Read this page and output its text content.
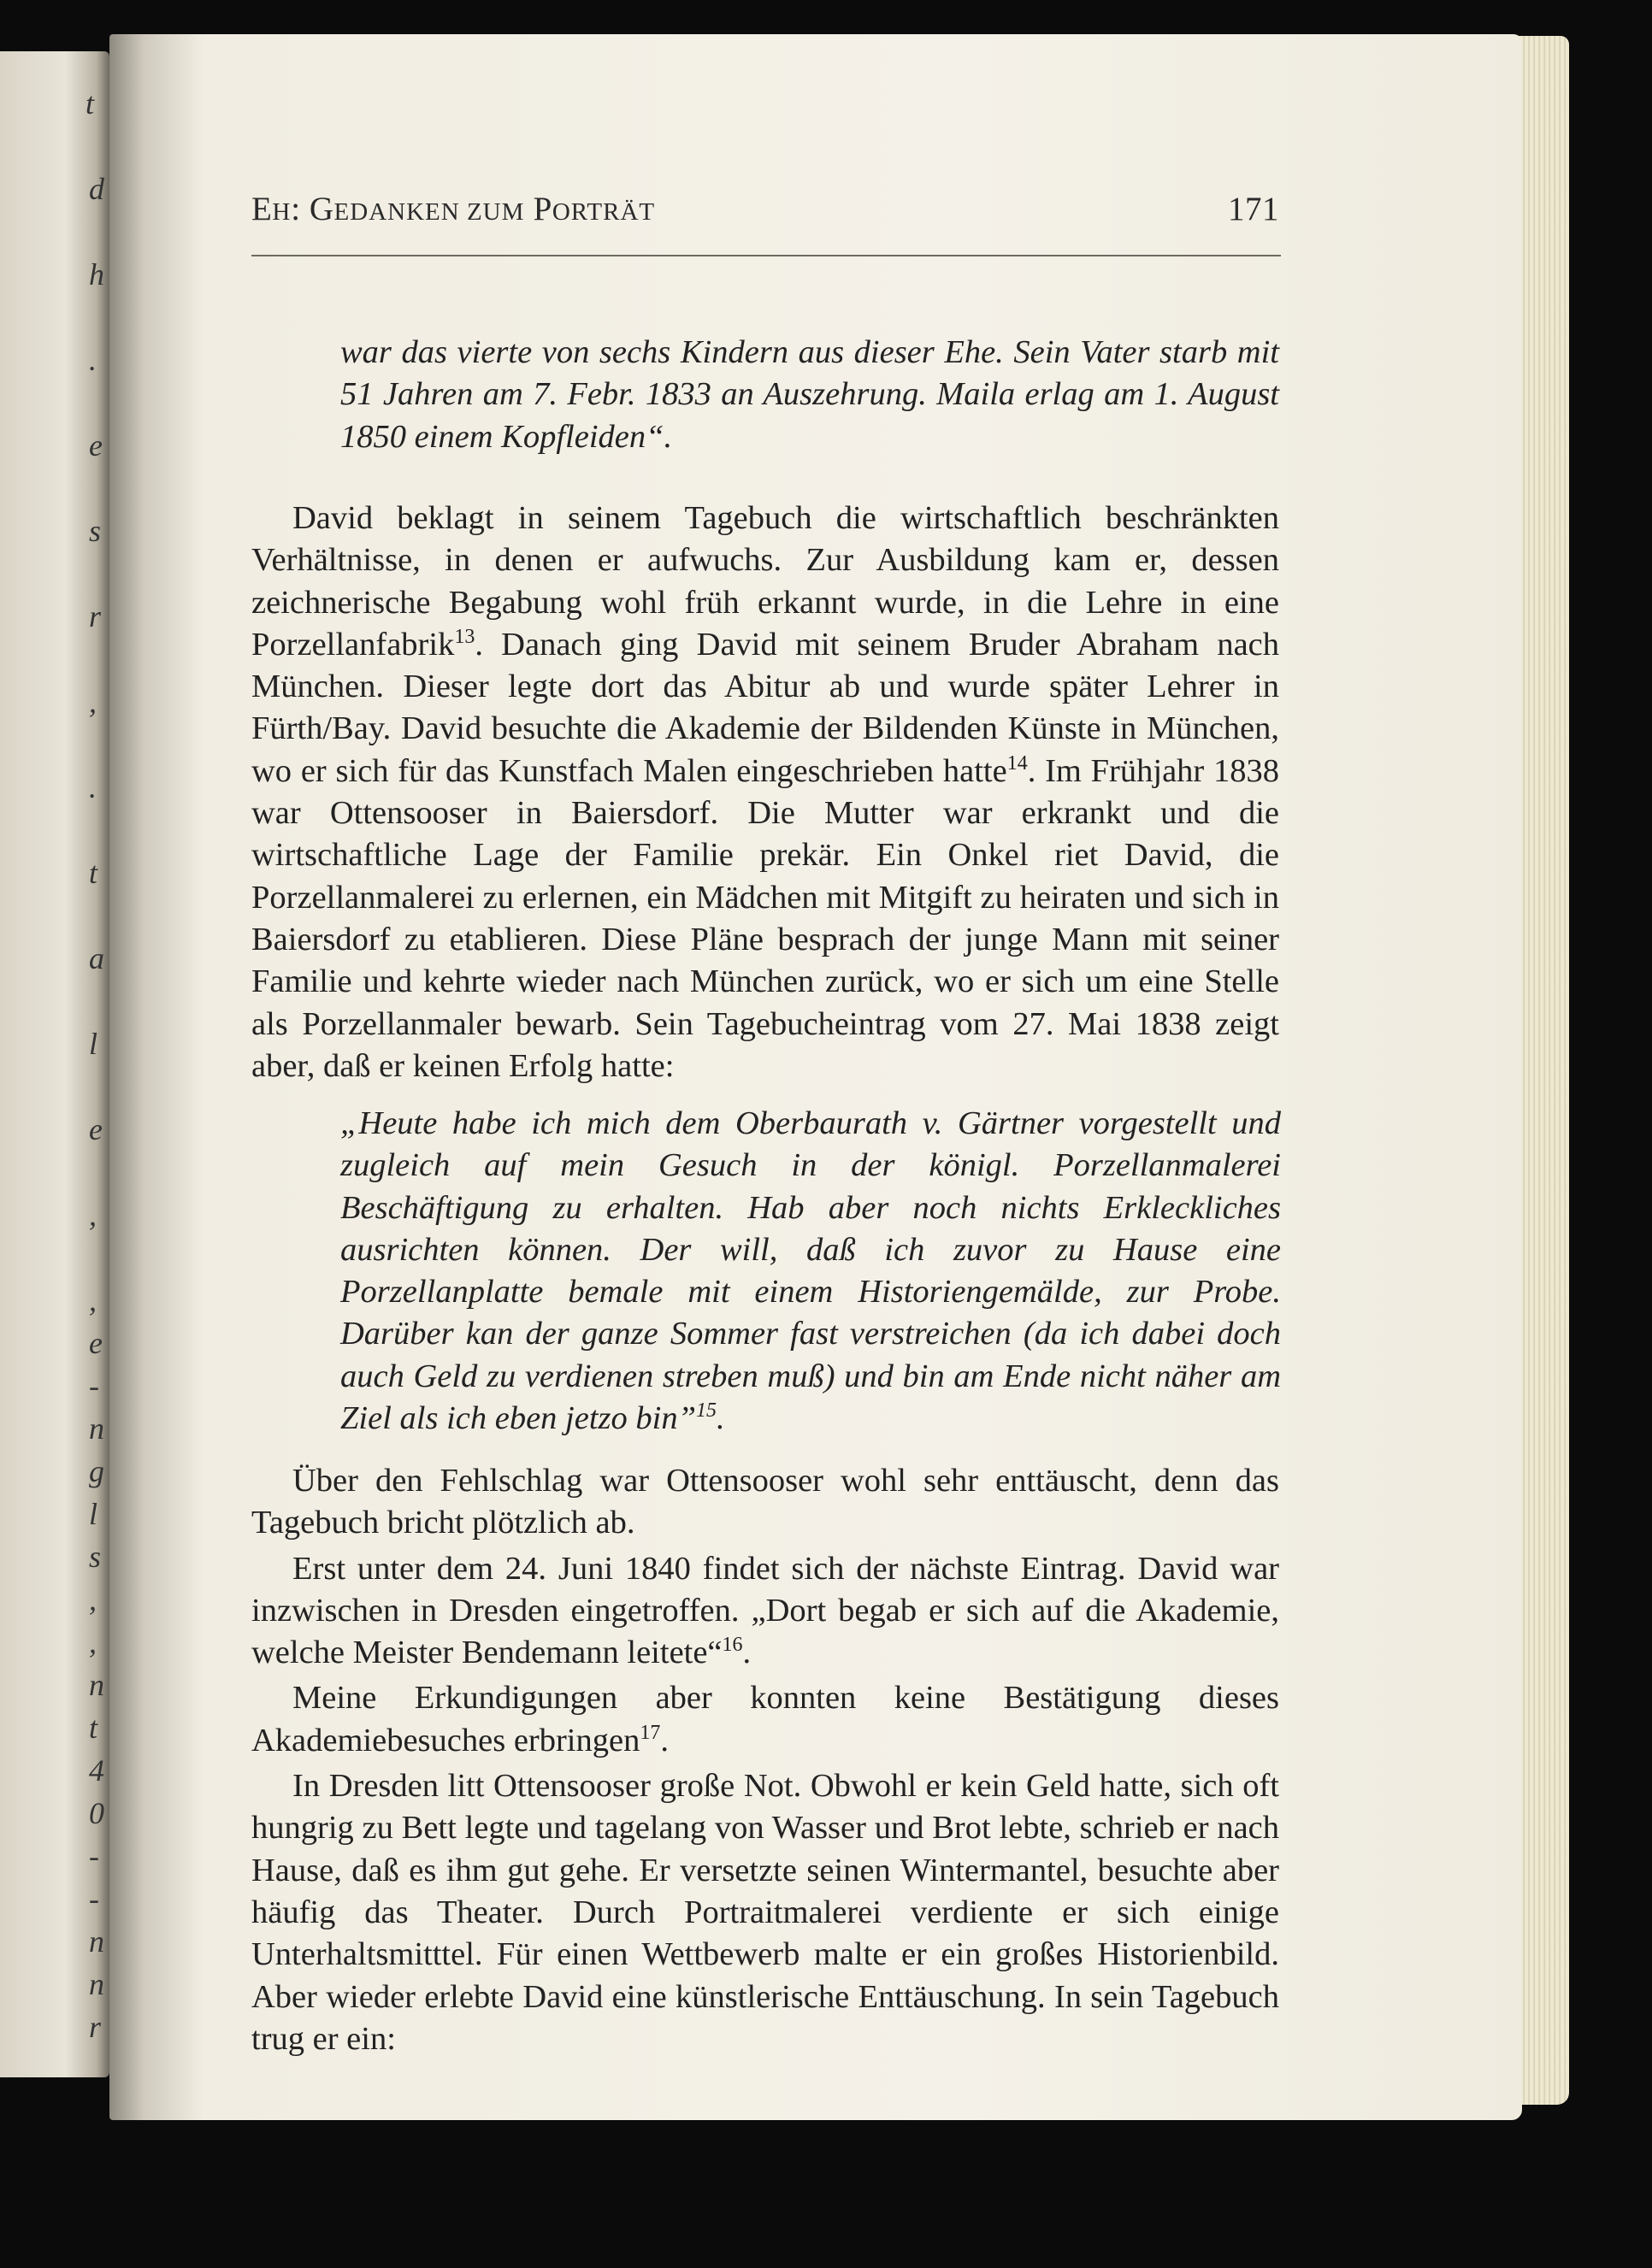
t
d
h
.
e
s
r
,
.
t
a
l
e
,
,
e
-
n
g
l
s
,
,
n
t
4
0
-
-
n
n
r
EH: GEDANKEN ZUM PORTRÄT	171
war das vierte von sechs Kindern aus dieser Ehe. Sein Vater starb mit 51 Jahren am 7. Febr. 1833 an Auszehrung. Maila erlag am 1. August 1850 einem Kopfleiden“.

David beklagt in seinem Tagebuch die wirtschaftlich beschränkten Verhältnisse, in denen er aufwuchs. Zur Ausbildung kam er, dessen zeichnerische Begabung wohl früh erkannt wurde, in die Lehre in eine Porzellanfabrik$^{13}$. Danach ging David mit seinem Bruder Abraham nach München. Dieser legte dort das Abitur ab und wurde später Lehrer in Fürth/Bay. David besuchte die Akademie der Bildenden Künste in München, wo er sich für das Kunstfach Malen eingeschrieben hatte$^{14}$. Im Frühjahr 1838 war Ottensooser in Baiersdorf. Die Mutter war erkrankt und die wirtschaftliche Lage der Familie prekär. Ein Onkel riet David, die Porzellanmalerei zu erlernen, ein Mädchen mit Mitgift zu heiraten und sich in Baiersdorf zu etablieren. Diese Pläne besprach der junge Mann mit seiner Familie und kehrte wieder nach München zurück, wo er sich um eine Stelle als Porzellanmaler bewarb. Sein Tagebucheintrag vom 27. Mai 1838 zeigt aber, daß er keinen Erfolg hatte:

„Heute habe ich mich dem Oberbaurath v. Gärtner vorgestellt und zugleich auf mein Gesuch in der königl. Porzellanmalerei Beschäftigung zu erhalten. Hab aber noch nichts Erkleckliches ausrichten können. Der will, daß ich zuvor zu Hause eine Porzellanplatte bemale mit einem Historiengemälde, zur Probe. Darüber kan der ganze Sommer fast verstreichen (da ich dabei doch auch Geld zu verdienen streben muß) und bin am Ende nicht näher am Ziel als ich eben jetzo bin”$^{15}$.

Über den Fehlschlag war Ottensooser wohl sehr enttäuscht, denn das Tagebuch bricht plötzlich ab.

Erst unter dem 24. Juni 1840 findet sich der nächste Eintrag. David war inzwischen in Dresden eingetroffen. „Dort begab er sich auf die Akademie, welche Meister Bendemann leitete“$^{16}$.

Meine Erkundigungen aber konnten keine Bestätigung dieses Akademiebesuches erbringen$^{17}$.

In Dresden litt Ottensooser große Not. Obwohl er kein Geld hatte, sich oft hungrig zu Bett legte und tagelang von Wasser und Brot lebte, schrieb er nach Hause, daß es ihm gut gehe. Er versetzte seinen Wintermantel, besuchte aber häufig das Theater. Durch Portraitmalerei verdiente er sich einige Unterhaltsmitttel. Für einen Wettbewerb malte er ein großes Historienbild. Aber wieder erlebte David eine künstlerische Enttäuschung. In sein Tagebuch trug er ein:
